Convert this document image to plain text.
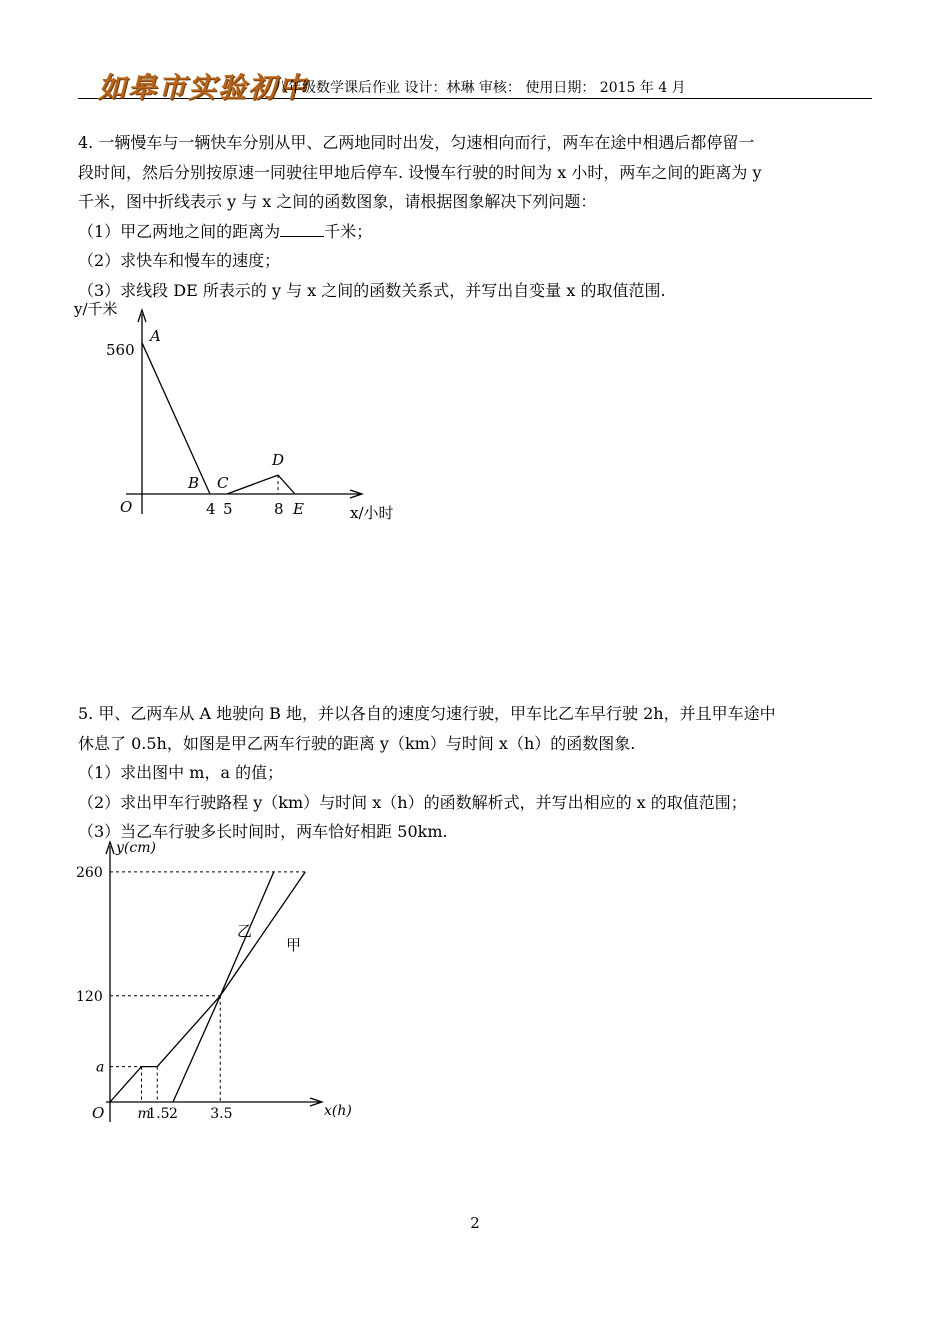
如皋市实验初中
八年级数学课后作业 设计：林琳 审核： 使用日期： 2015 年 4 月

4. 一辆慢车与一辆快车分别从甲、乙两地同时出发，匀速相向而行，两车在途中相遇后都停留一

段时间，然后分别按原速一同驶往甲地后停车. 设慢车行驶的时间为 x 小时，两车之间的距离为 y

千米，图中折线表示 y 与 x 之间的函数图象，请根据图象解决下列问题：

（1）甲乙两地之间的距离为	千米；

（2）求快车和慢车的速度；

（3）求线段 DE 所表示的 y 与 x 之间的函数关系式，并写出自变量 x 的取值范围.

y/千米
x/小时
O
A
B C
D
E
4 5	8
560

5. 甲、乙两车从 A 地驶向 B 地，并以各自的速度匀速行驶，甲车比乙车早行驶 2h，并且甲车途中

休息了 0.5h，如图是甲乙两车行驶的距离 y（km）与时间 x（h）的函数图象.

（1）求出图中 m，a 的值；

（2）求出甲车行驶路程 y（km）与时间 x（h）的函数解析式，并写出相应的 x 的取值范围；

（3）当乙车行驶多长时间时，两车恰好相距 50km.

y(cm)
x(h)
O
260
120
a
m
1.5 2 3.5
乙
甲
2
